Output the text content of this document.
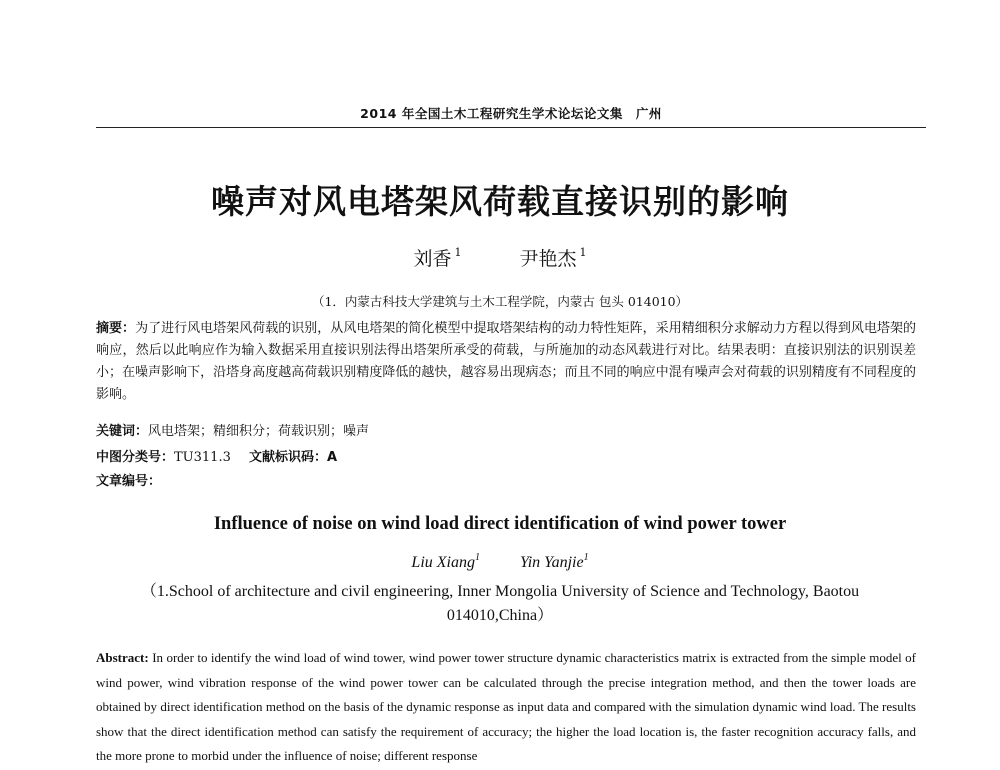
2014 年全国土木工程研究生学术论坛论文集　广州
噪声对风电塔架风荷载直接识别的影响
刘香 $^1$	尹艳杰 $^1$
（1．内蒙古科技大学建筑与土木工程学院，内蒙古 包头 014010）
摘要：为了进行风电塔架风荷载的识别，从风电塔架的简化模型中提取塔架结构的动力特性矩阵，采用精细积分求解动力方程以得到风电塔架的响应，然后以此响应作为输入数据采用直接识别法得出塔架所承受的荷载，与所施加的动态风载进行对比。结果表明：直接识别法的识别误差小；在噪声影响下，沿塔身高度越高荷载识别精度降低的越快，越容易出现病态；而且不同的响应中混有噪声会对荷载的识别精度有不同程度的影响。
关键词：风电塔架；精细积分；荷载识别；噪声
中图分类号：TU311.3 文献标识码：A
文章编号：
Influence of noise on wind load direct identification of wind power tower
Liu Xiang$^1$	Yin Yanjie$^1$
（1.School of architecture and civil engineering, Inner Mongolia University of Science and Technology, Baotou 014010,China）
Abstract: In order to identify the wind load of wind tower, wind power tower structure dynamic characteristics matrix is extracted from the simple model of wind power, wind vibration response of the wind power tower can be calculated through the precise integration method, and then the tower loads are obtained by direct identification method on the basis of the dynamic response as input data and compared with the simulation dynamic wind load. The results show that the direct identification method can satisfy the requirement of accuracy; the higher the load location is, the faster recognition accuracy falls, and the more prone to morbid under the influence of noise; different response
